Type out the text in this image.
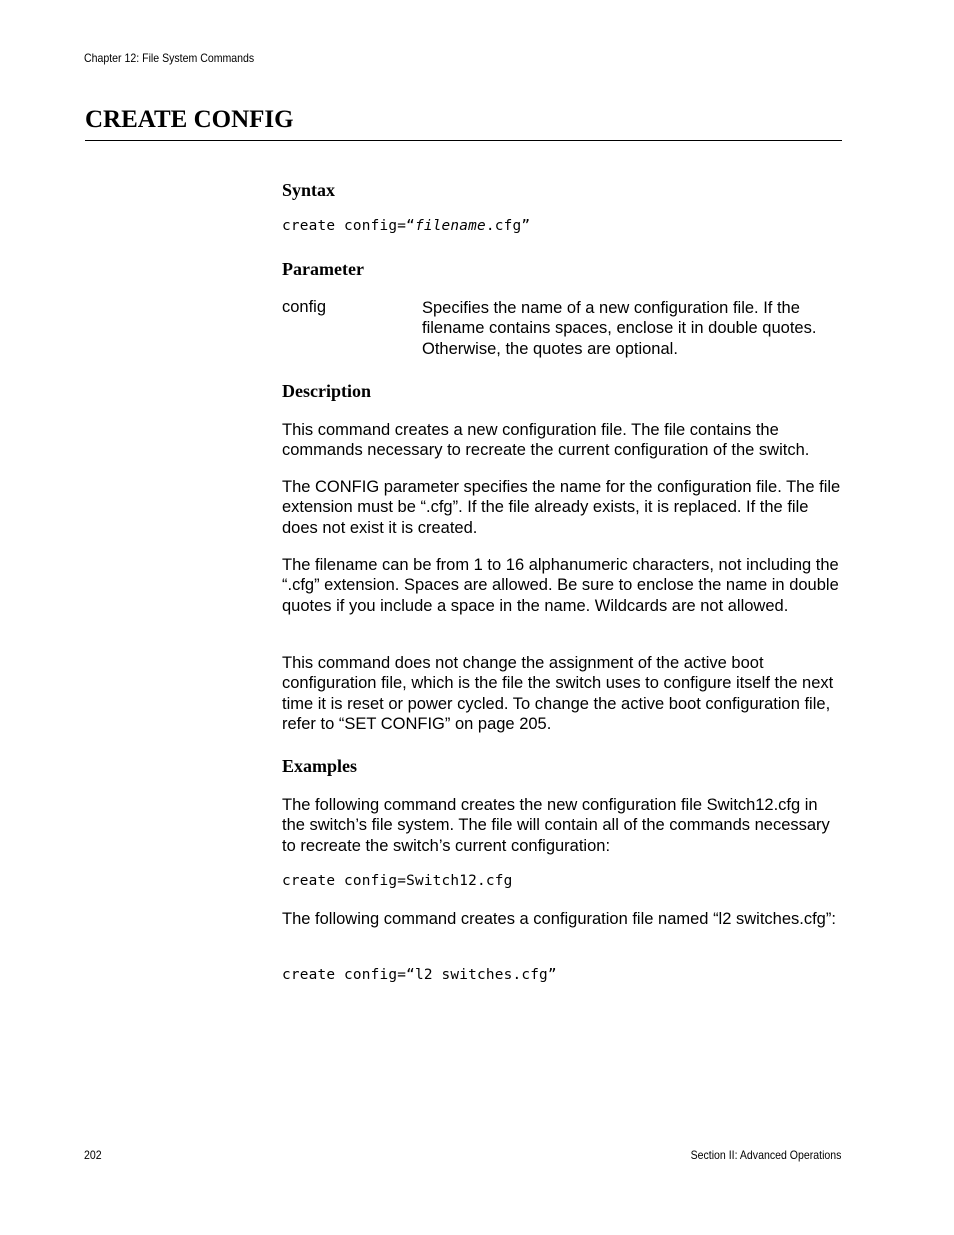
Chapter 12: File System Commands
CREATE CONFIG
Syntax
create config=“filename.cfg”
Parameter
config	Specifies the name of a new configuration file. If the filename contains spaces, enclose it in double quotes. Otherwise, the quotes are optional.
Description
This command creates a new configuration file. The file contains the commands necessary to recreate the current configuration of the switch.
The CONFIG parameter specifies the name for the configuration file. The file extension must be “.cfg”. If the file already exists, it is replaced. If the file does not exist it is created.
The filename can be from 1 to 16 alphanumeric characters, not including the “.cfg” extension. Spaces are allowed. Be sure to enclose the name in double quotes if you include a space in the name. Wildcards are not allowed.
This command does not change the assignment of the active boot configuration file, which is the file the switch uses to configure itself the next time it is reset or power cycled. To change the active boot configuration file, refer to “SET CONFIG” on page 205.
Examples
The following command creates the new configuration file Switch12.cfg in the switch’s file system. The file will contain all of the commands necessary to recreate the switch’s current configuration:
create config=Switch12.cfg
The following command creates a configuration file named “l2 switches.cfg”:
create config=“l2 switches.cfg”
202	Section II: Advanced Operations
